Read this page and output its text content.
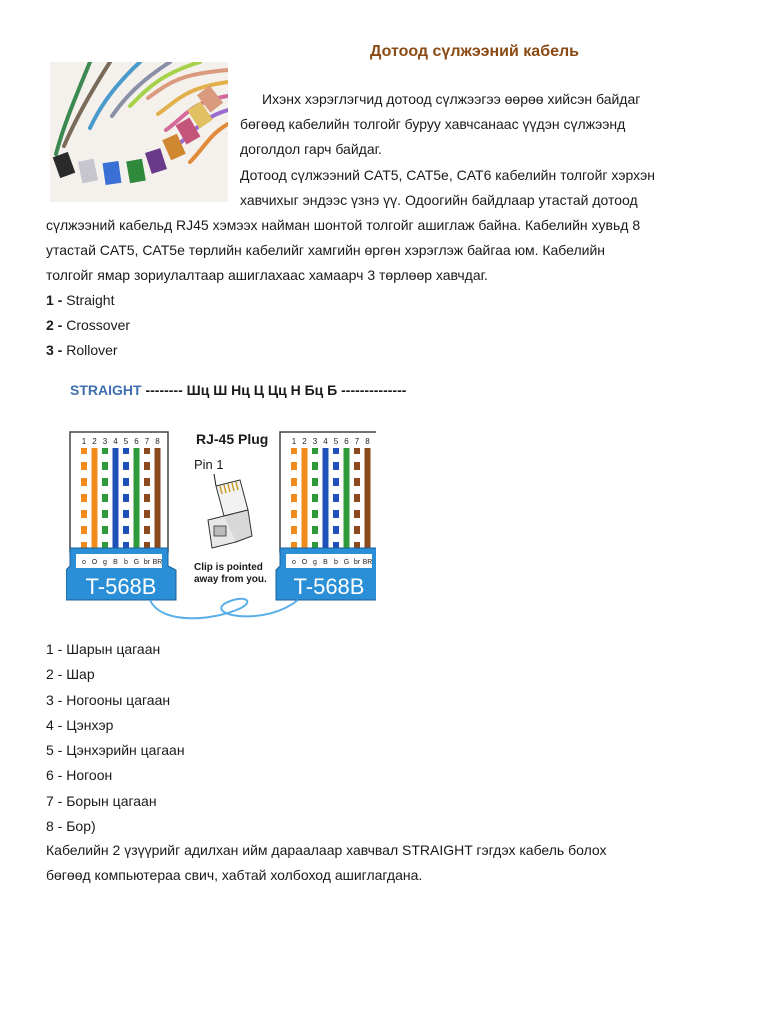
Дотоод сүлжээний кабель
Ихэнх хэрэглэгчид дотоод сүлжээгээ өөрөө хийсэн байдаг
бөгөөд кабелийн толгойг буруу хавчсанаас үүдэн сүлжээнд
доголдол гарч байдаг.
Дотоод сүлжээний CAT5, CAT5e, CAT6 кабелийн толгойг хэрхэн
хавчихыг эндээс үзнэ үү. Одоогийн байдлаар утастай дотоод
сүлжээний кабельд RJ45 хэмээх найман шонтой толгойг ашиглаж байна. Кабелийн хувьд 8
утастай CAT5, CAT5e төрлийн кабелийг хамгийн өргөн хэрэглэж байгаа юм. Кабелийн
толгойг ямар зориулалтаар ашиглахаас хамаарч 3 төрлөөр хавчдаг.
1 - Straight
2 - Crossover
3 - Rollover
STRAIGHT -------- Шц Ш Нц Ц Цц Н Бц Б --------------
1 2 3 4 5 6 7 8
o O g B b G br BR
T-568B
1 2 3 4 5 6 7 8
o O g B b G br BR
T-568B
RJ-45 Plug
Pin 1
Clip is pointed
away from you.
1 - Шарын цагаан
2 - Шар
3 - Ногооны цагаан
4 - Цэнхэр
5 - Цэнхэрийн цагаан
6 - Ногоон
7 - Борын цагаан
8 - Бор)
Кабелийн 2 үзүүрийг адилхан ийм дараалаар хавчвал STRAIGHT гэгдэх кабель болох
бөгөөд компьютераа свич, хабтай холбоход ашиглагдана.
